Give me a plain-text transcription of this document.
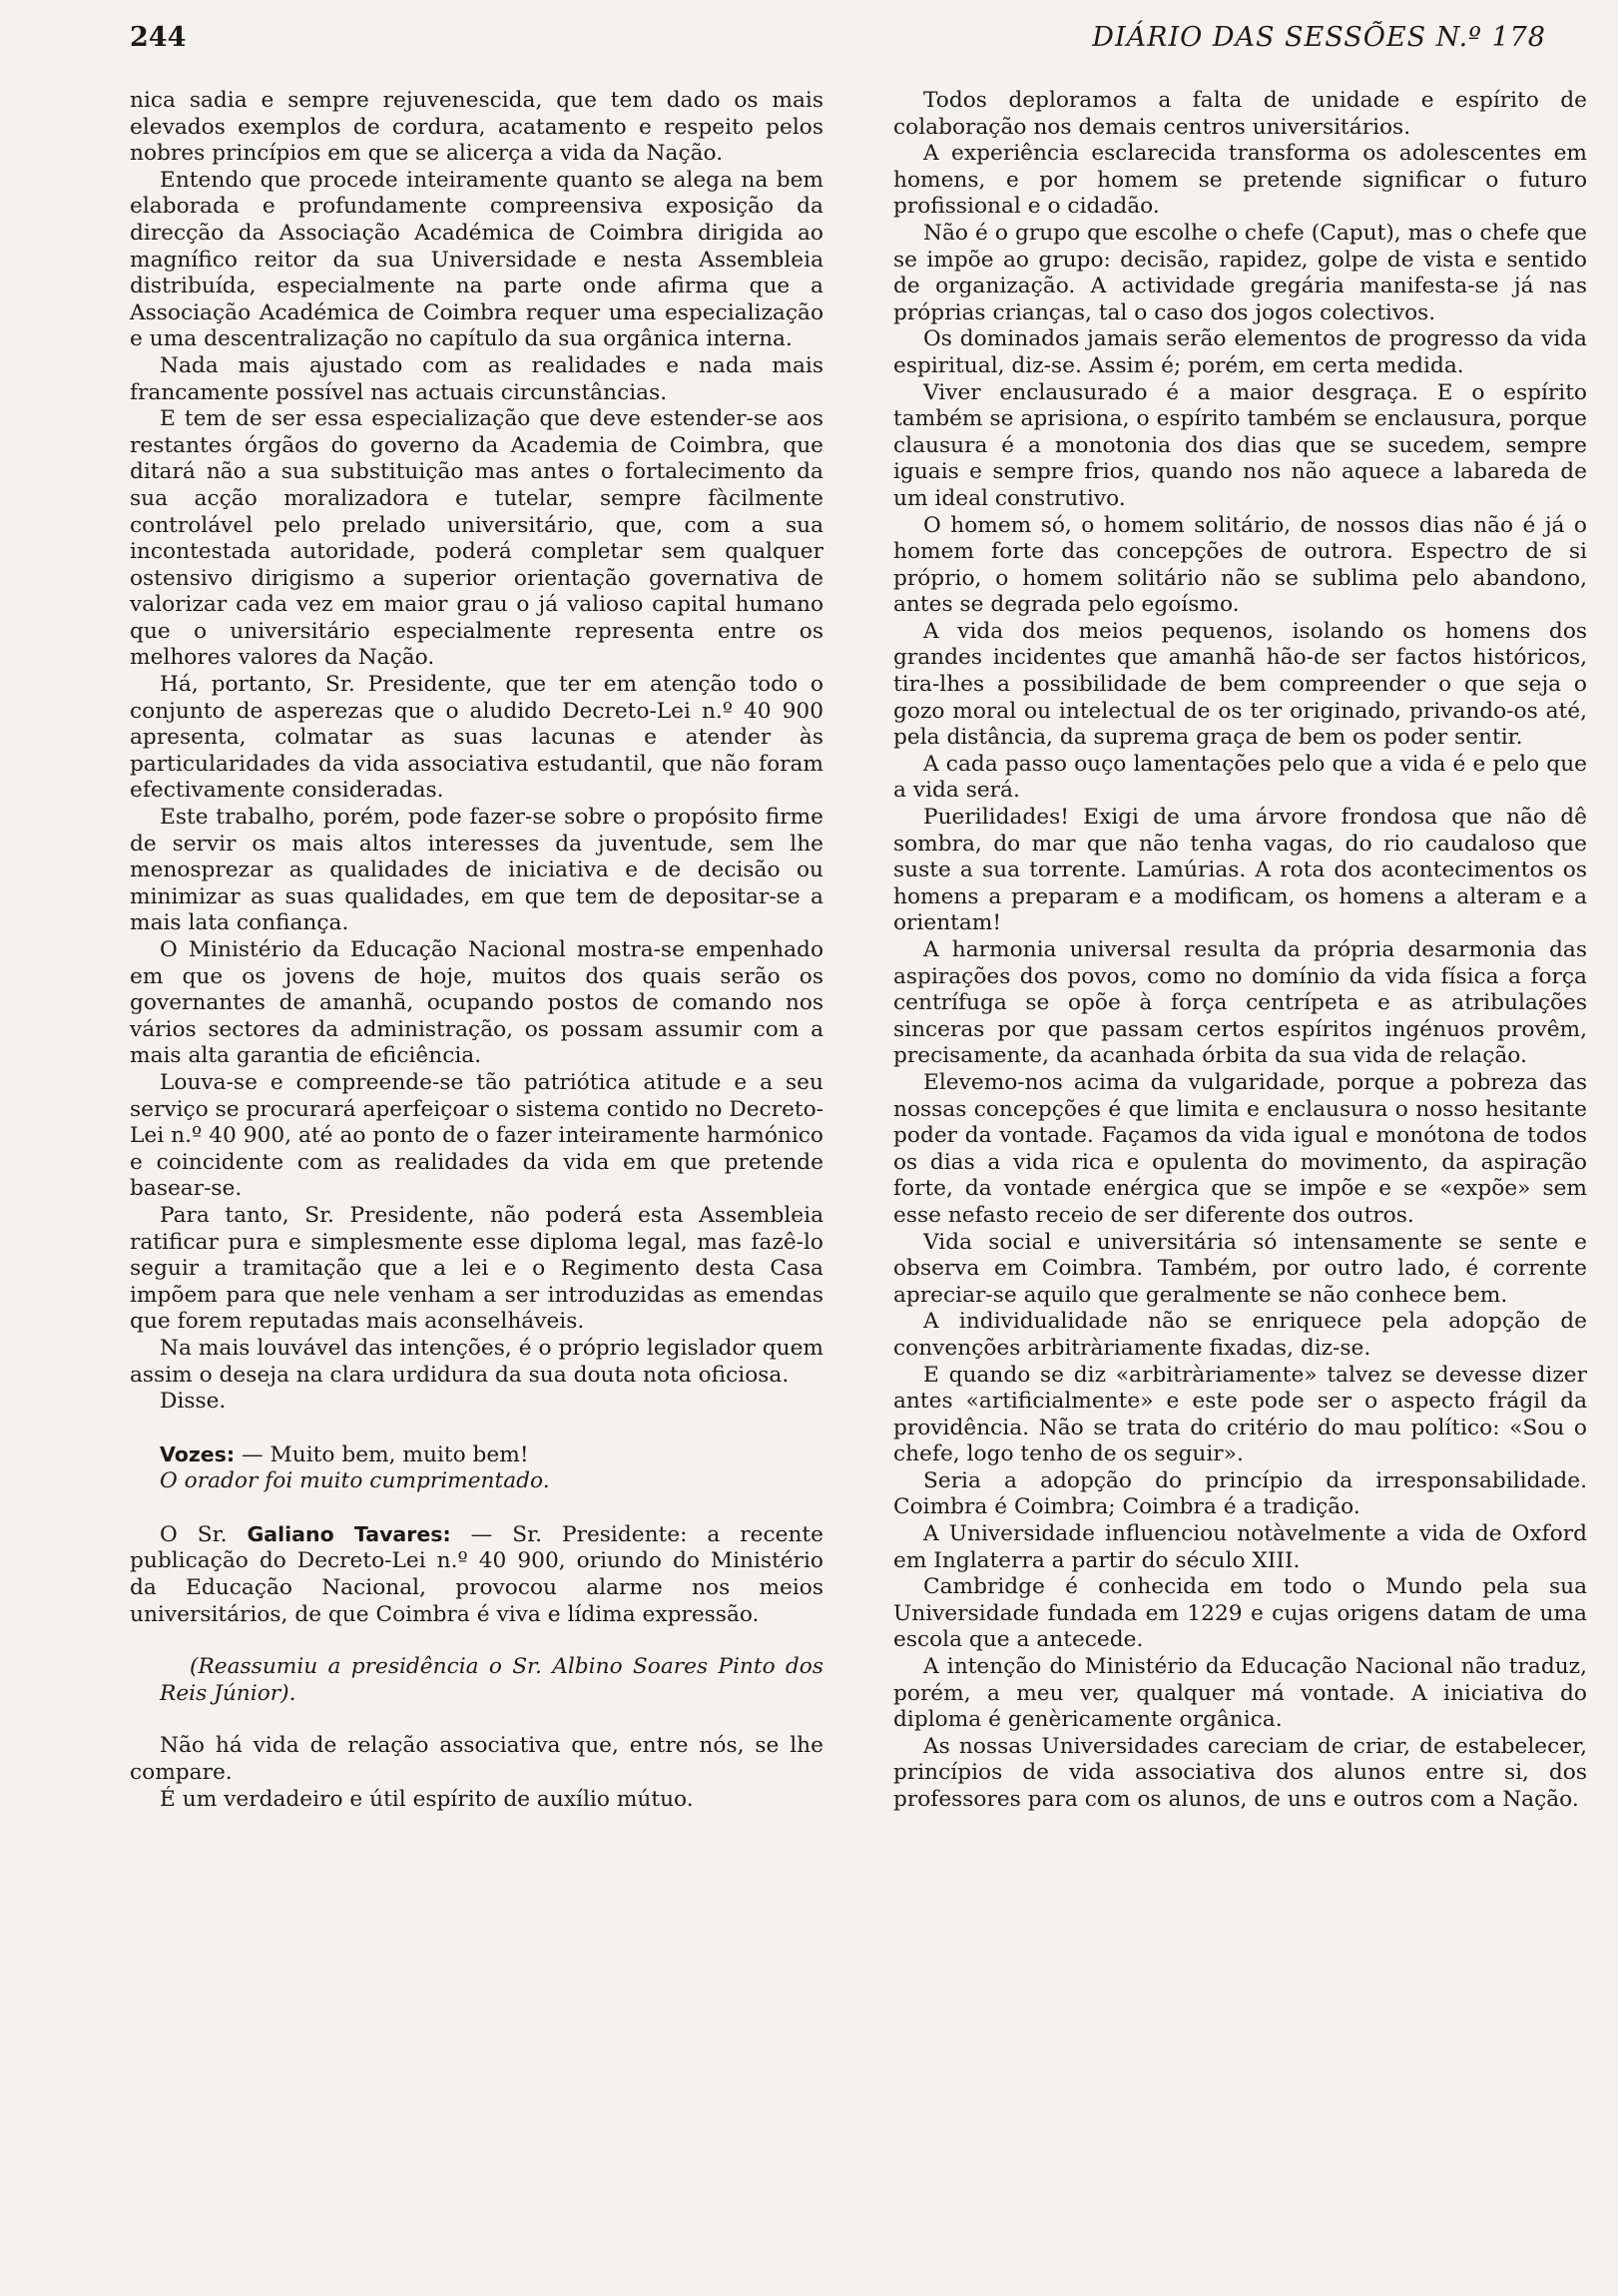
244	DIÁRIO DAS SESSÕES N.º 178

nica sadia e sempre rejuvenescida, que tem dado os mais elevados exemplos de cordura, acatamento e respeito pelos nobres princípios em que se alicerça a vida da Nação.

Entendo que procede inteiramente quanto se alega na bem elaborada e profundamente compreensiva exposição da direcção da Associação Académica de Coimbra dirigida ao magnífico reitor da sua Universidade e nesta Assembleia distribuída, especialmente na parte onde afirma que a Associação Académica de Coimbra requer uma especialização e uma descentralização no capítulo da sua orgânica interna.

Nada mais ajustado com as realidades e nada mais francamente possível nas actuais circunstâncias.

E tem de ser essa especialização que deve estender-se aos restantes órgãos do governo da Academia de Coimbra, que ditará não a sua substituição mas antes o fortalecimento da sua acção moralizadora e tutelar, sempre fàcilmente controlável pelo prelado universitário, que, com a sua incontestada autoridade, poderá completar sem qualquer ostensivo dirigismo a superior orientação governativa de valorizar cada vez em maior grau o já valioso capital humano que o universitário especialmente representa entre os melhores valores da Nação.

Há, portanto, Sr. Presidente, que ter em atenção todo o conjunto de asperezas que o aludido Decreto-Lei n.º 40 900 apresenta, colmatar as suas lacunas e atender às particularidades da vida associativa estudantil, que não foram efectivamente consideradas.

Este trabalho, porém, pode fazer-se sobre o propósito firme de servir os mais altos interesses da juventude, sem lhe menosprezar as qualidades de iniciativa e de decisão ou minimizar as suas qualidades, em que tem de depositar-se a mais lata confiança.

O Ministério da Educação Nacional mostra-se empenhado em que os jovens de hoje, muitos dos quais serão os governantes de amanhã, ocupando postos de comando nos vários sectores da administração, os possam assumir com a mais alta garantia de eficiência.

Louva-se e compreende-se tão patriótica atitude e a seu serviço se procurará aperfeiçoar o sistema contido no Decreto-Lei n.º 40 900, até ao ponto de o fazer inteiramente harmónico e coincidente com as realidades da vida em que pretende basear-se.

Para tanto, Sr. Presidente, não poderá esta Assembleia ratificar pura e simplesmente esse diploma legal, mas fazê-lo seguir a tramitação que a lei e o Regimento desta Casa impõem para que nele venham a ser introduzidas as emendas que forem reputadas mais aconselháveis.

Na mais louvável das intenções, é o próprio legislador quem assim o deseja na clara urdidura da sua douta nota oficiosa.

Disse.

Vozes: — Muito bem, muito bem!

O orador foi muito cumprimentado.

O Sr. Galiano Tavares: — Sr. Presidente: a recente publicação do Decreto-Lei n.º 40 900, oriundo do Ministério da Educação Nacional, provocou alarme nos meios universitários, de que Coimbra é viva e lídima expressão.

(Reassumiu a presidência o Sr. Albino Soares Pinto dos Reis Júnior).

Não há vida de relação associativa que, entre nós, se lhe compare.

É um verdadeiro e útil espírito de auxílio mútuo.

Todos deploramos a falta de unidade e espírito de colaboração nos demais centros universitários.

A experiência esclarecida transforma os adolescentes em homens, e por homem se pretende significar o futuro profissional e o cidadão.

Não é o grupo que escolhe o chefe (Caput), mas o chefe que se impõe ao grupo: decisão, rapidez, golpe de vista e sentido de organização. A actividade gregária manifesta-se já nas próprias crianças, tal o caso dos jogos colectivos.

Os dominados jamais serão elementos de progresso da vida espiritual, diz-se. Assim é; porém, em certa medida.

Viver enclausurado é a maior desgraça. E o espírito também se aprisiona, o espírito também se enclausura, porque clausura é a monotonia dos dias que se sucedem, sempre iguais e sempre frios, quando nos não aquece a labareda de um ideal construtivo.

O homem só, o homem solitário, de nossos dias não é já o homem forte das concepções de outrora. Espectro de si próprio, o homem solitário não se sublima pelo abandono, antes se degrada pelo egoísmo.

A vida dos meios pequenos, isolando os homens dos grandes incidentes que amanhã hão-de ser factos históricos, tira-lhes a possibilidade de bem compreender o que seja o gozo moral ou intelectual de os ter originado, privando-os até, pela distância, da suprema graça de bem os poder sentir.

A cada passo ouço lamentações pelo que a vida é e pelo que a vida será.

Puerilidades! Exigi de uma árvore frondosa que não dê sombra, do mar que não tenha vagas, do rio caudaloso que suste a sua torrente. Lamúrias. A rota dos acontecimentos os homens a preparam e a modificam, os homens a alteram e a orientam!

A harmonia universal resulta da própria desarmonia das aspirações dos povos, como no domínio da vida física a força centrífuga se opõe à força centrípeta e as atribulações sinceras por que passam certos espíritos ingénuos provêm, precisamente, da acanhada órbita da sua vida de relação.

Elevemo-nos acima da vulgaridade, porque a pobreza das nossas concepções é que limita e enclausura o nosso hesitante poder da vontade. Façamos da vida igual e monótona de todos os dias a vida rica e opulenta do movimento, da aspiração forte, da vontade enérgica que se impõe e se «expõe» sem esse nefasto receio de ser diferente dos outros.

Vida social e universitária só intensamente se sente e observa em Coimbra. Também, por outro lado, é corrente apreciar-se aquilo que geralmente se não conhece bem.

A individualidade não se enriquece pela adopção de convenções arbitràriamente fixadas, diz-se.

E quando se diz «arbitràriamente» talvez se devesse dizer antes «artificialmente» e este pode ser o aspecto frágil da providência. Não se trata do critério do mau político: «Sou o chefe, logo tenho de os seguir».

Seria a adopção do princípio da irresponsabilidade. Coimbra é Coimbra; Coimbra é a tradição.

A Universidade influenciou notàvelmente a vida de Oxford em Inglaterra a partir do século XIII.

Cambridge é conhecida em todo o Mundo pela sua Universidade fundada em 1229 e cujas origens datam de uma escola que a antecede.

A intenção do Ministério da Educação Nacional não traduz, porém, a meu ver, qualquer má vontade. A iniciativa do diploma é genèricamente orgânica.

As nossas Universidades careciam de criar, de estabelecer, princípios de vida associativa dos alunos entre si, dos professores para com os alunos, de uns e outros com a Nação.
